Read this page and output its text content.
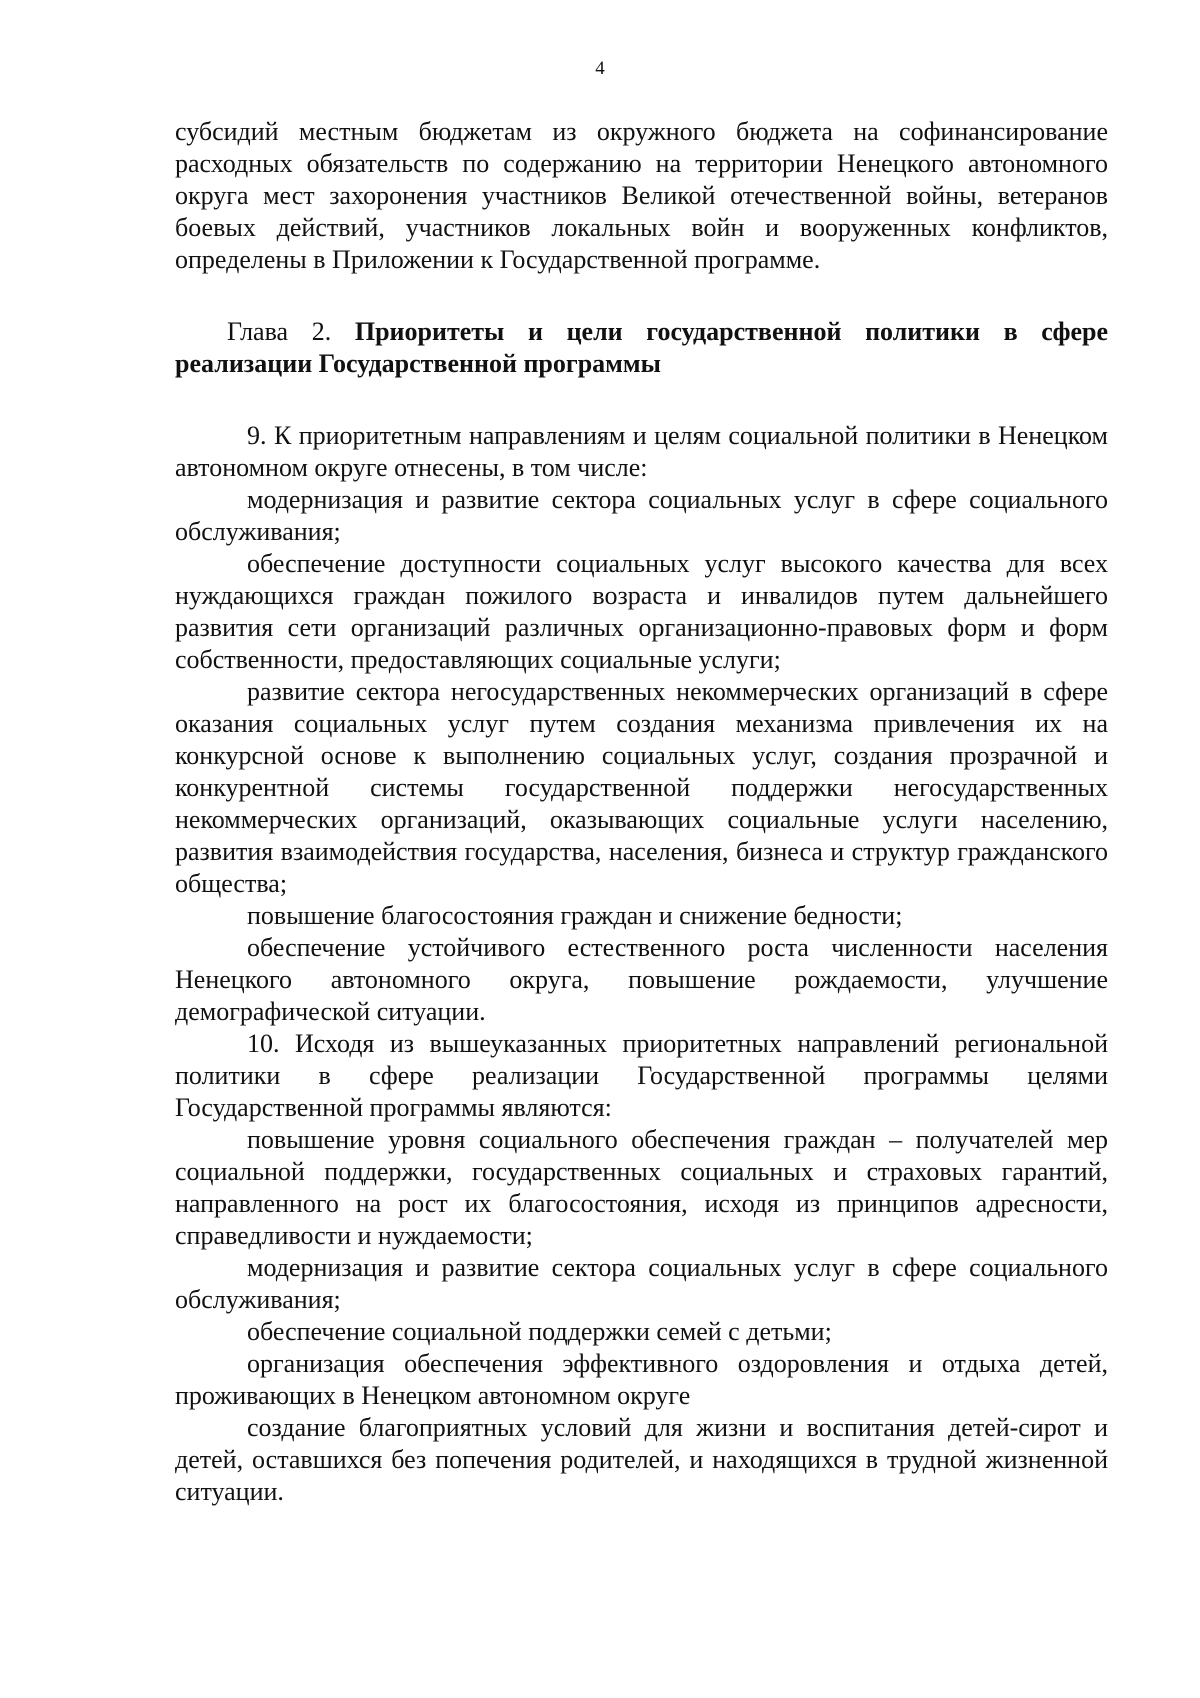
4

субсидий местным бюджетам из окружного бюджета на софинансирование расходных обязательств по содержанию на территории Ненецкого автономного округа мест захоронения участников Великой отечественной войны, ветеранов боевых действий, участников локальных войн и вооруженных конфликтов, определены в Приложении к Государственной программе.

Глава 2. Приоритеты и цели государственной политики в сфере реализации Государственной программы

9. К приоритетным направлениям и целям социальной политики в Ненецком автономном округе отнесены, в том числе:

модернизация и развитие сектора социальных услуг в сфере социального обслуживания;

обеспечение доступности социальных услуг высокого качества для всех нуждающихся граждан пожилого возраста и инвалидов путем дальнейшего развития сети организаций различных организационно-правовых форм и форм собственности, предоставляющих социальные услуги;

развитие сектора негосударственных некоммерческих организаций в сфере оказания социальных услуг путем создания механизма привлечения их на конкурсной основе к выполнению социальных услуг, создания прозрачной и конкурентной системы государственной поддержки негосударственных некоммерческих организаций, оказывающих социальные услуги населению, развития взаимодействия государства, населения, бизнеса и структур гражданского общества;

повышение благосостояния граждан и снижение бедности;

обеспечение устойчивого естественного роста численности населения Ненецкого автономного округа, повышение рождаемости, улучшение демографической ситуации.

10. Исходя из вышеуказанных приоритетных направлений региональной политики в сфере реализации Государственной программы целями Государственной программы являются:

повышение уровня социального обеспечения граждан – получателей мер социальной поддержки, государственных социальных и страховых гарантий, направленного на рост их благосостояния, исходя из принципов адресности, справедливости и нуждаемости;

модернизация и развитие сектора социальных услуг в сфере социального обслуживания;

обеспечение социальной поддержки семей с детьми;

организация обеспечения эффективного оздоровления и отдыха детей, проживающих в Ненецком автономном округе

создание благоприятных условий для жизни и воспитания детей-сирот и детей, оставшихся без попечения родителей, и находящихся в трудной жизненной ситуации.
